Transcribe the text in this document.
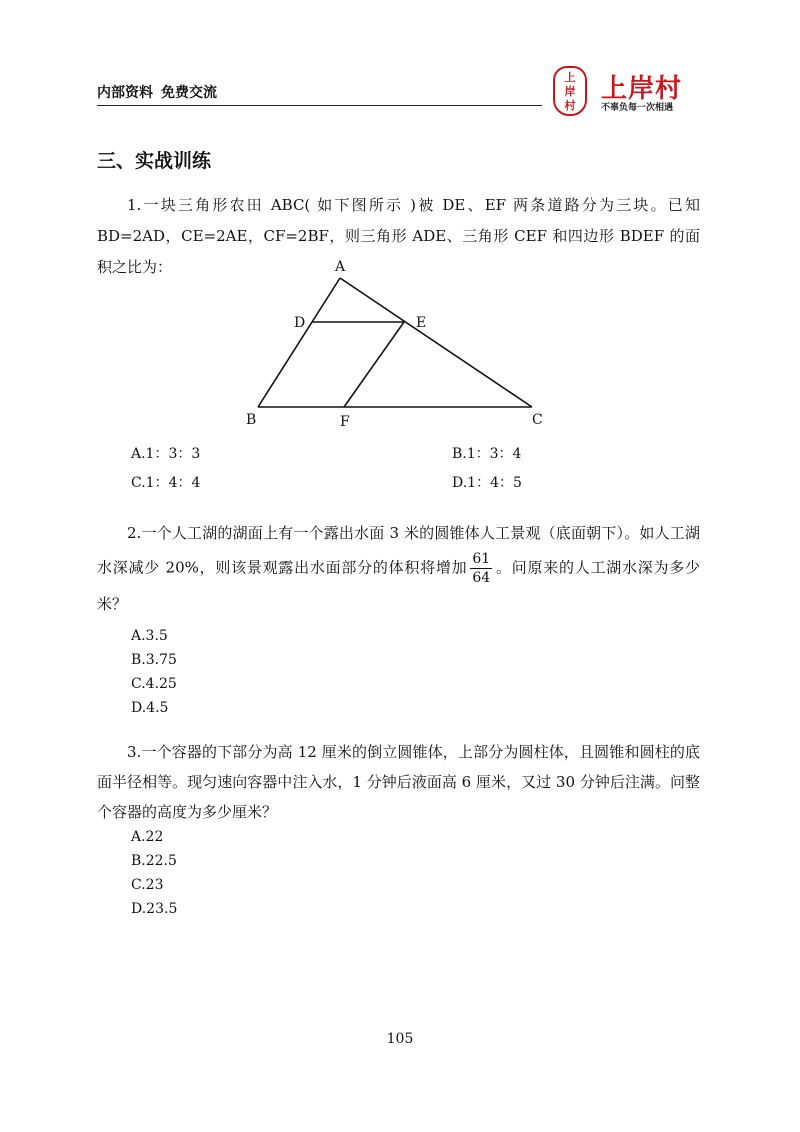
内部资料 免费交流
上
岸
村
上岸村
不辜负每一次相遇
三、实战训练
1.一块三角形农田 ABC( 如下图所示 )被 DE、EF 两条道路分为三块。已知 BD=2AD，CE=2AE，CF=2BF，则三角形 ADE、三角形 CEF 和四边形 BDEF 的面积之比为：	A
D	E
B	F	C
A.1：3：3	B.1：3：4
C.1：4：4	D.1：4：5
2.一个人工湖的湖面上有一个露出水面 3 米的圆锥体人工景观（底面朝下）。如人工湖水深减少 20%，则该景观露出水面部分的体积将增加 $\frac{61}{64}$ 。问原来的人工湖水深为多少米？
A.3.5
B.3.75
C.4.25
D.4.5
3.一个容器的下部分为高 12 厘米的倒立圆锥体，上部分为圆柱体，且圆锥和圆柱的底面半径相等。现匀速向容器中注入水，1 分钟后液面高 6 厘米，又过 30 分钟后注满。问整个容器的高度为多少厘米？
A.22
B.22.5
C.23
D.23.5
105
